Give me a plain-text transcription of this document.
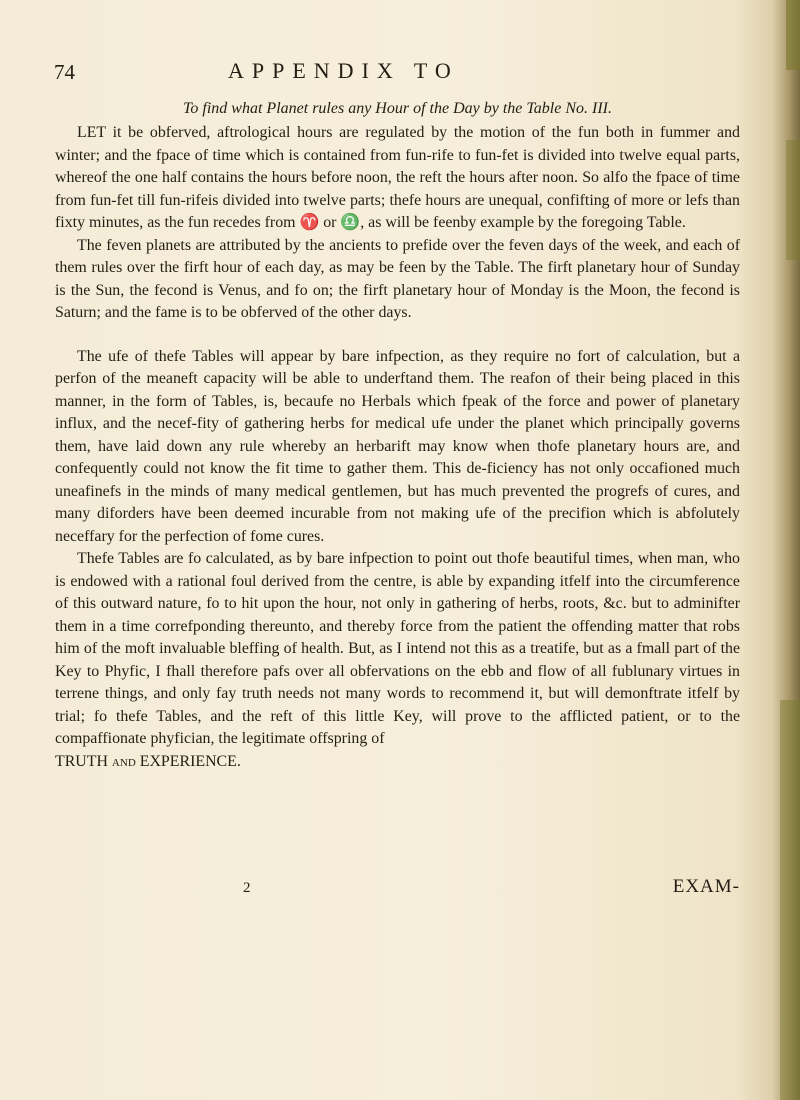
74	APPENDIX TO
To find what Planet rules any Hour of the Day by the Table No. III.

LET it be obferved, aftrological hours are regulated by the motion of the fun both in fummer and winter; and the fpace of time which is contained from fun-rife to fun-fet is divided into twelve equal parts, whereof the one half contains the hours before noon, the reft the hours after noon. So alfo the fpace of time from fun-fet till fun-rifeis divided into twelve parts; thefe hours are unequal, confifting of more or lefs than fixty minutes, as the fun recedes from ♈ or ♎, as will be feenby example by the foregoing Table.

The feven planets are attributed by the ancients to prefide over the feven days of the week, and each of them rules over the firft hour of each day, as may be feen by the Table. The firft planetary hour of Sunday is the Sun, the fecond is Venus, and fo on; the firft planetary hour of Monday is the Moon, the fecond is Saturn; and the fame is to be obferved of the other days.

The ufe of thefe Tables will appear by bare infpection, as they require no fort of calculation, but a perfon of the meaneft capacity will be able to underftand them. The reafon of their being placed in this manner, in the form of Tables, is, becaufe no Herbals which fpeak of the force and power of planetary influx, and the necef-fity of gathering herbs for medical ufe under the planet which principally governs them, have laid down any rule whereby an herbarift may know when thofe planetary hours are, and confequently could not know the fit time to gather them. This de-ficiency has not only occafioned much uneafinefs in the minds of many medical gentlemen, but has much prevented the progrefs of cures, and many diforders have been deemed incurable from not making ufe of the precifion which is abfolutely neceffary for the perfection of fome cures.

Thefe Tables are fo calculated, as by bare infpection to point out thofe beautiful times, when man, who is endowed with a rational foul derived from the centre, is able by expanding itfelf into the circumference of this outward nature, fo to hit upon the hour, not only in gathering of herbs, roots, &c. but to adminifter them in a time correfponding thereunto, and thereby force from the patient the offending matter that robs him of the moft invaluable bleffing of health. But, as I intend not this as a treatife, but as a fmall part of the Key to Phyfic, I fhall therefore pafs over all obfervations on the ebb and flow of all fublunary virtues in terrene things, and only fay truth needs not many words to recommend it, but will demonftrate itfelf by trial; fo thefe Tables, and the reft of this little Key, will prove to the afflicted patient, or to the compaffionate phyfician, the legitimate offspring of

TRUTH and EXPERIENCE.

2	EXAM-
